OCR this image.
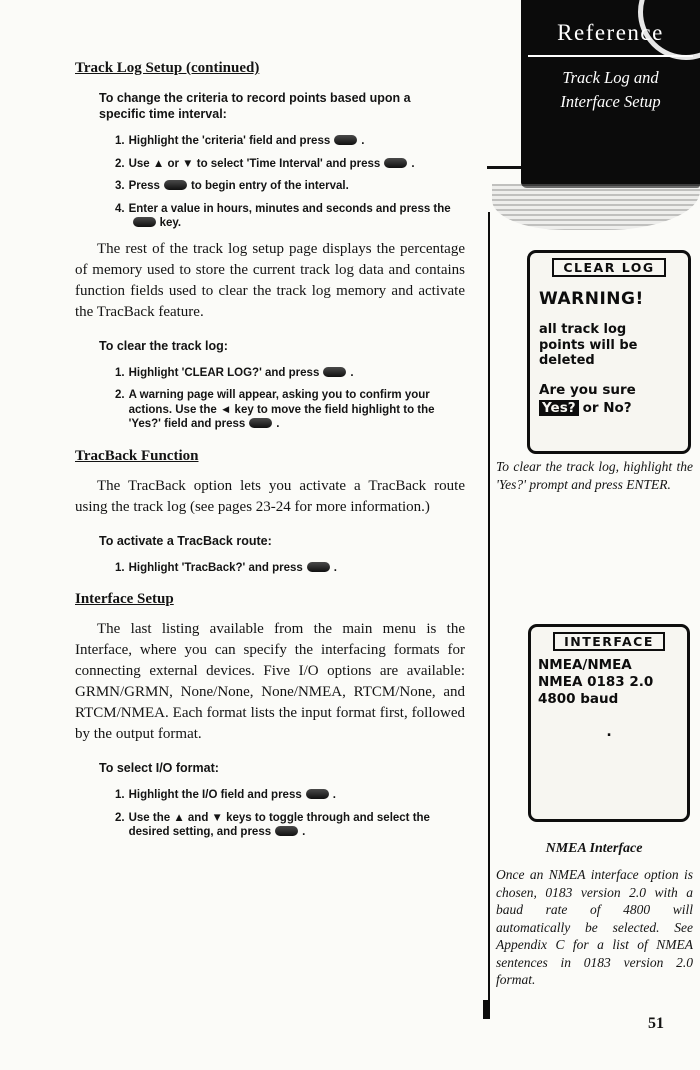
Reference
Track Log and
Interface Setup
Track Log Setup (continued)
To change the criteria to record points based upon a specific time interval:
1. Highlight the 'criteria' field and press	.
2. Use ▲ or ▼ to select 'Time Interval' and press	.
3. Press	to begin entry of the interval.
4. Enter a value in hours, minutes and seconds and press thekey.
The rest of the track log setup page displays the percentage of memory used to store the current track log data and contains function fields used to clear the track log memory and activate the TracBack feature.
To clear the track log:
1. Highlight 'CLEAR LOG?' and press	.
2. A warning page will appear, asking you to confirm your actions. Use the ◄ key to move the field highlight to the 'Yes?' field and press	.
TracBack Function
The TracBack option lets you activate a TracBack route using the track log (see pages 23-24 for more information.)
To activate a TracBack route:
1. Highlight 'TracBack?' and press	.
Interface Setup
The last listing available from the main menu is the Interface, where you can specify the interfacing formats for connecting external devices. Five I/O options are available: GRMN/GRMN, None/None, None/NMEA, RTCM/None, and RTCM/NMEA. Each format lists the input format first, followed by the output format.
To select I/O format:
1. Highlight the I/O field and press	.
2. Use the ▲ and ▼ keys to toggle through and select the desired setting, and press	.
CLEAR LOG
WARNING!
all track log
points will be
deleted
Are you sure
Yes? or No?
To clear the track log, highlight the 'Yes?' prompt and press ENTER.
INTERFACE
NMEA/NMEA
NMEA 0183 2.0
4800 baud
.
NMEA Interface
Once an NMEA interface option is chosen, 0183 version 2.0 with a baud rate of 4800 will automatically be selected. See Appendix C for a list of NMEA sentences in 0183 version 2.0 format.
51
